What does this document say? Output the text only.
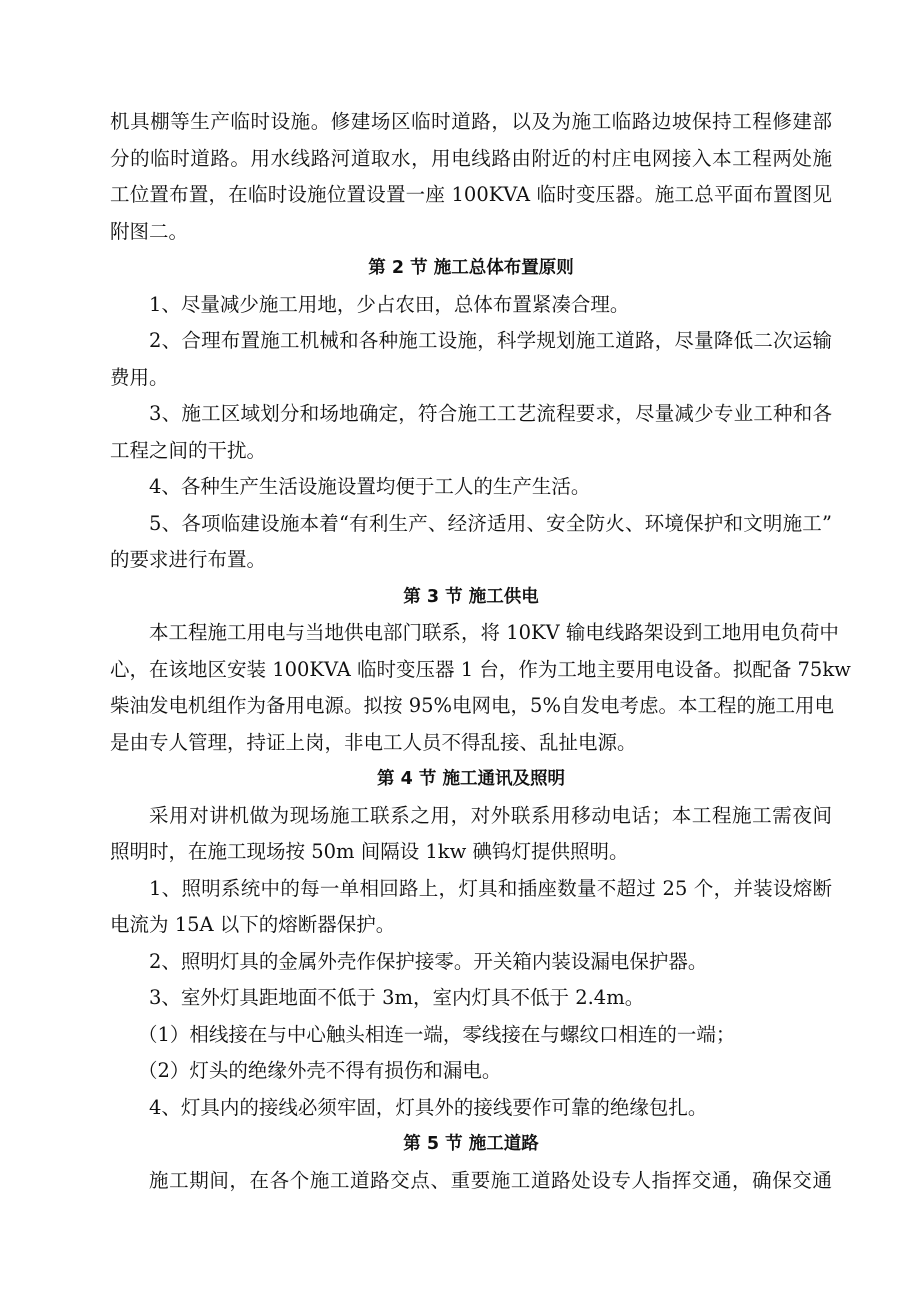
机具棚等生产临时设施。修建场区临时道路，以及为施工临路边坡保持工程修建部
分的临时道路。用水线路河道取水，用电线路由附近的村庄电网接入本工程两处施
工位置布置，在临时设施位置设置一座 100KVA 临时变压器。施工总平面布置图见
附图二。
第 2 节 施工总体布置原则
1、尽量减少施工用地，少占农田，总体布置紧凑合理。
2、合理布置施工机械和各种施工设施，科学规划施工道路，尽量降低二次运输
费用。
3、施工区域划分和场地确定，符合施工工艺流程要求，尽量减少专业工种和各
工程之间的干扰。
4、各种生产生活设施设置均便于工人的生产生活。
5、各项临建设施本着“有利生产、经济适用、安全防火、环境保护和文明施工”
的要求进行布置。
第 3 节 施工供电
本工程施工用电与当地供电部门联系，将 10KV 输电线路架设到工地用电负荷中
心，在该地区安装 100KVA 临时变压器 1 台，作为工地主要用电设备。拟配备 75kw
柴油发电机组作为备用电源。拟按 95%电网电，5%自发电考虑。本工程的施工用电
是由专人管理，持证上岗，非电工人员不得乱接、乱扯电源。
第 4 节 施工通讯及照明
采用对讲机做为现场施工联系之用，对外联系用移动电话；本工程施工需夜间
照明时，在施工现场按 50m 间隔设 1kw 碘钨灯提供照明。
1、照明系统中的每一单相回路上，灯具和插座数量不超过 25 个，并装设熔断
电流为 15A 以下的熔断器保护。
2、照明灯具的金属外壳作保护接零。开关箱内装设漏电保护器。
3、室外灯具距地面不低于 3m，室内灯具不低于 2.4m。
（1）相线接在与中心触头相连一端，零线接在与螺纹口相连的一端；
（2）灯头的绝缘外壳不得有损伤和漏电。
4、灯具内的接线必须牢固，灯具外的接线要作可靠的绝缘包扎。
第 5 节 施工道路
施工期间，在各个施工道路交点、重要施工道路处设专人指挥交通，确保交通
